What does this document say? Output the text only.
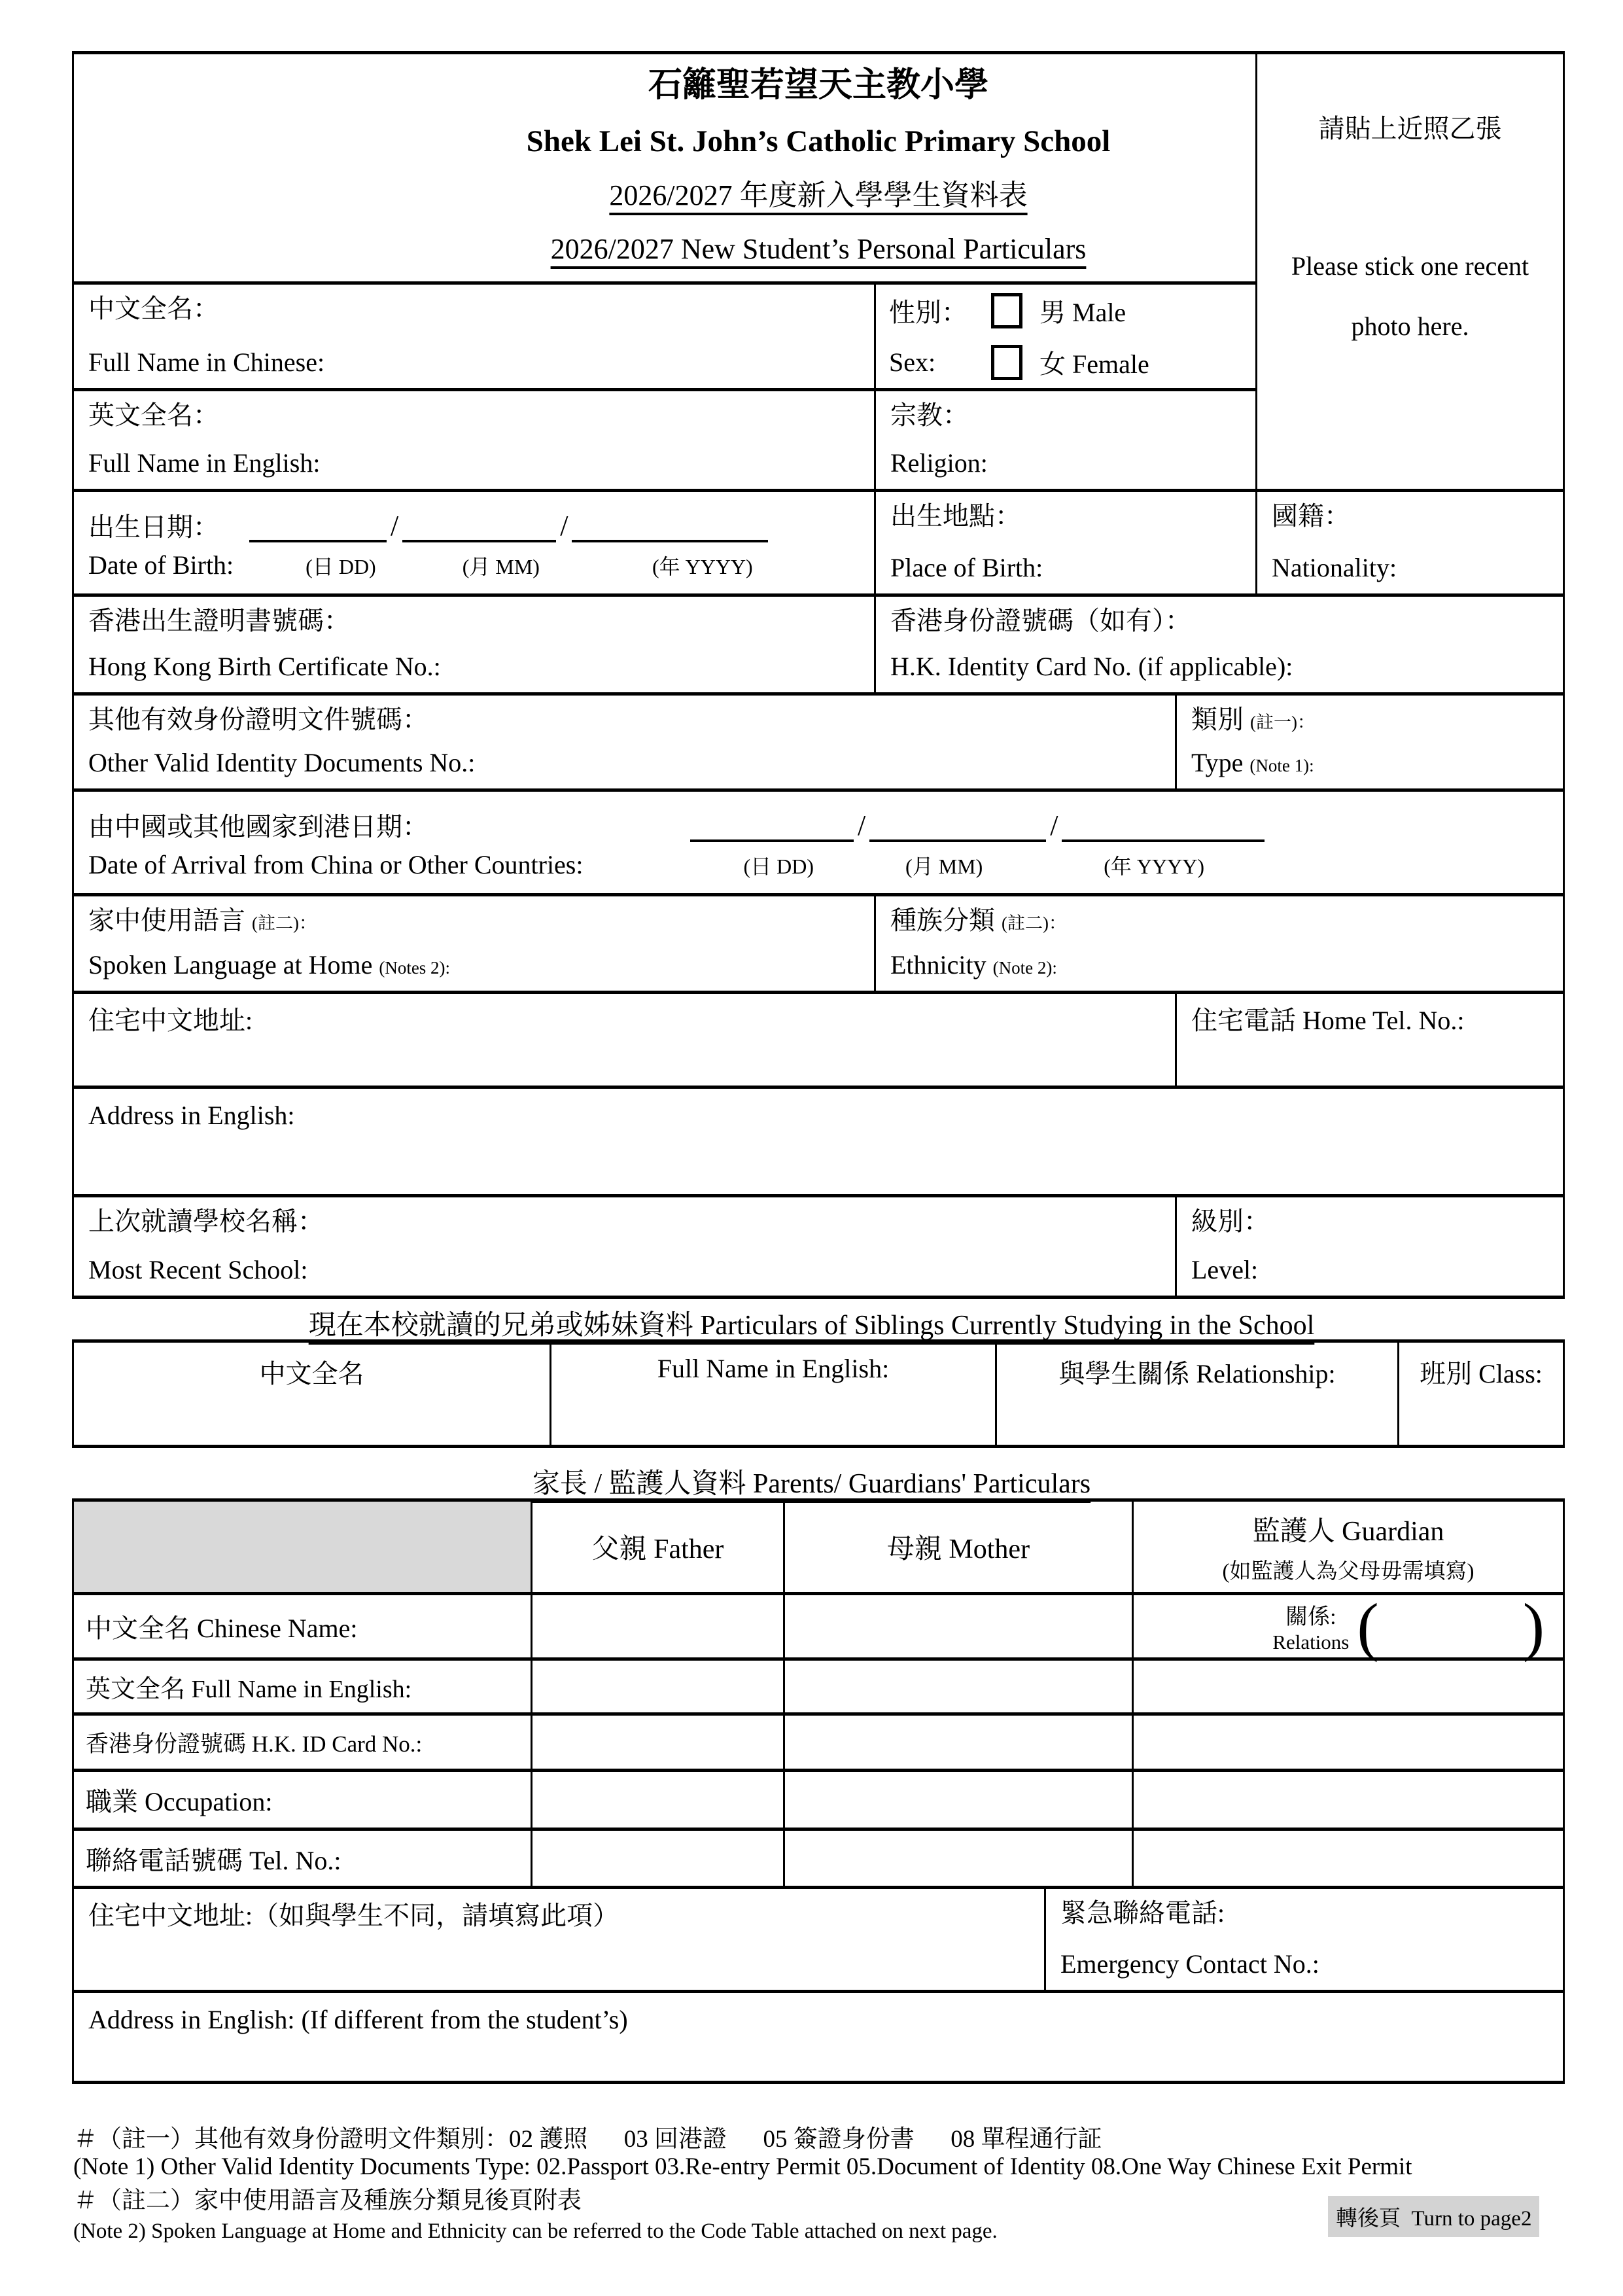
石籬聖若望天主教小學
Shek Lei St. John’s Catholic Primary School
2026/2027 年度新入學學生資料表
2026/2027 New Student’s Personal Particulars
請貼上近照乙張
Please stick one recent
photo here.
中文全名：
Full Name in Chinese:
性別：	男 Male
Sex:	女 Female
英文全名：
Full Name in English:
宗教：
Religion:
出生日期：	/	/
Date of Birth:	(日 DD)	(月 MM)	(年 YYYY)
出生地點：
Place of Birth:
國籍：
Nationality:
香港出生證明書號碼：
Hong Kong Birth Certificate No.:
香港身份證號碼（如有）：
H.K. Identity Card No. (if applicable):
其他有效身份證明文件號碼：
Other Valid Identity Documents No.:
類別 (註一)：
Type (Note 1):
由中國或其他國家到港日期：	/	/
Date of Arrival from China or Other Countries:	(日 DD)	(月 MM)	(年 YYYY)
家中使用語言 (註二)：
Spoken Language at Home (Notes 2):
種族分類 (註二)：
Ethnicity (Note 2):
住宅中文地址:	住宅電話 Home Tel. No.:
Address in English:
上次就讀學校名稱：
Most Recent School:
級別：
Level:
現在本校就讀的兄弟或姊妹資料 Particulars of Siblings Currently Studying in the School
中文全名	Full Name in English:	與學生關係 Relationship:	班別 Class:
家長 / 監護人資料 Parents/ Guardians' Particulars
父親 Father	母親 Mother
監護人 Guardian
(如監護人為父母毋需填寫)
中文全名 Chinese Name:	關係:
Relations ( )
英文全名 Full Name in English:
香港身份證號碼 H.K. ID Card No.:
職業 Occupation:
聯絡電話號碼 Tel. No.:
住宅中文地址:（如與學生不同，請填寫此項）	緊急聯絡電話:
Emergency Contact No.:
Address in English: (If different from the student’s)
＃（註一）其他有效身份證明文件類別：02 護照      03 回港證      05 簽證身份書      08 單程通行証
(Note 1) Other Valid Identity Documents Type: 02.Passport 03.Re-entry Permit 05.Document of Identity 08.One Way Chinese Exit Permit
＃（註二）家中使用語言及種族分類見後頁附表
(Note 2) Spoken Language at Home and Ethnicity can be referred to the Code Table attached on next page.
轉後頁  Turn to page2
